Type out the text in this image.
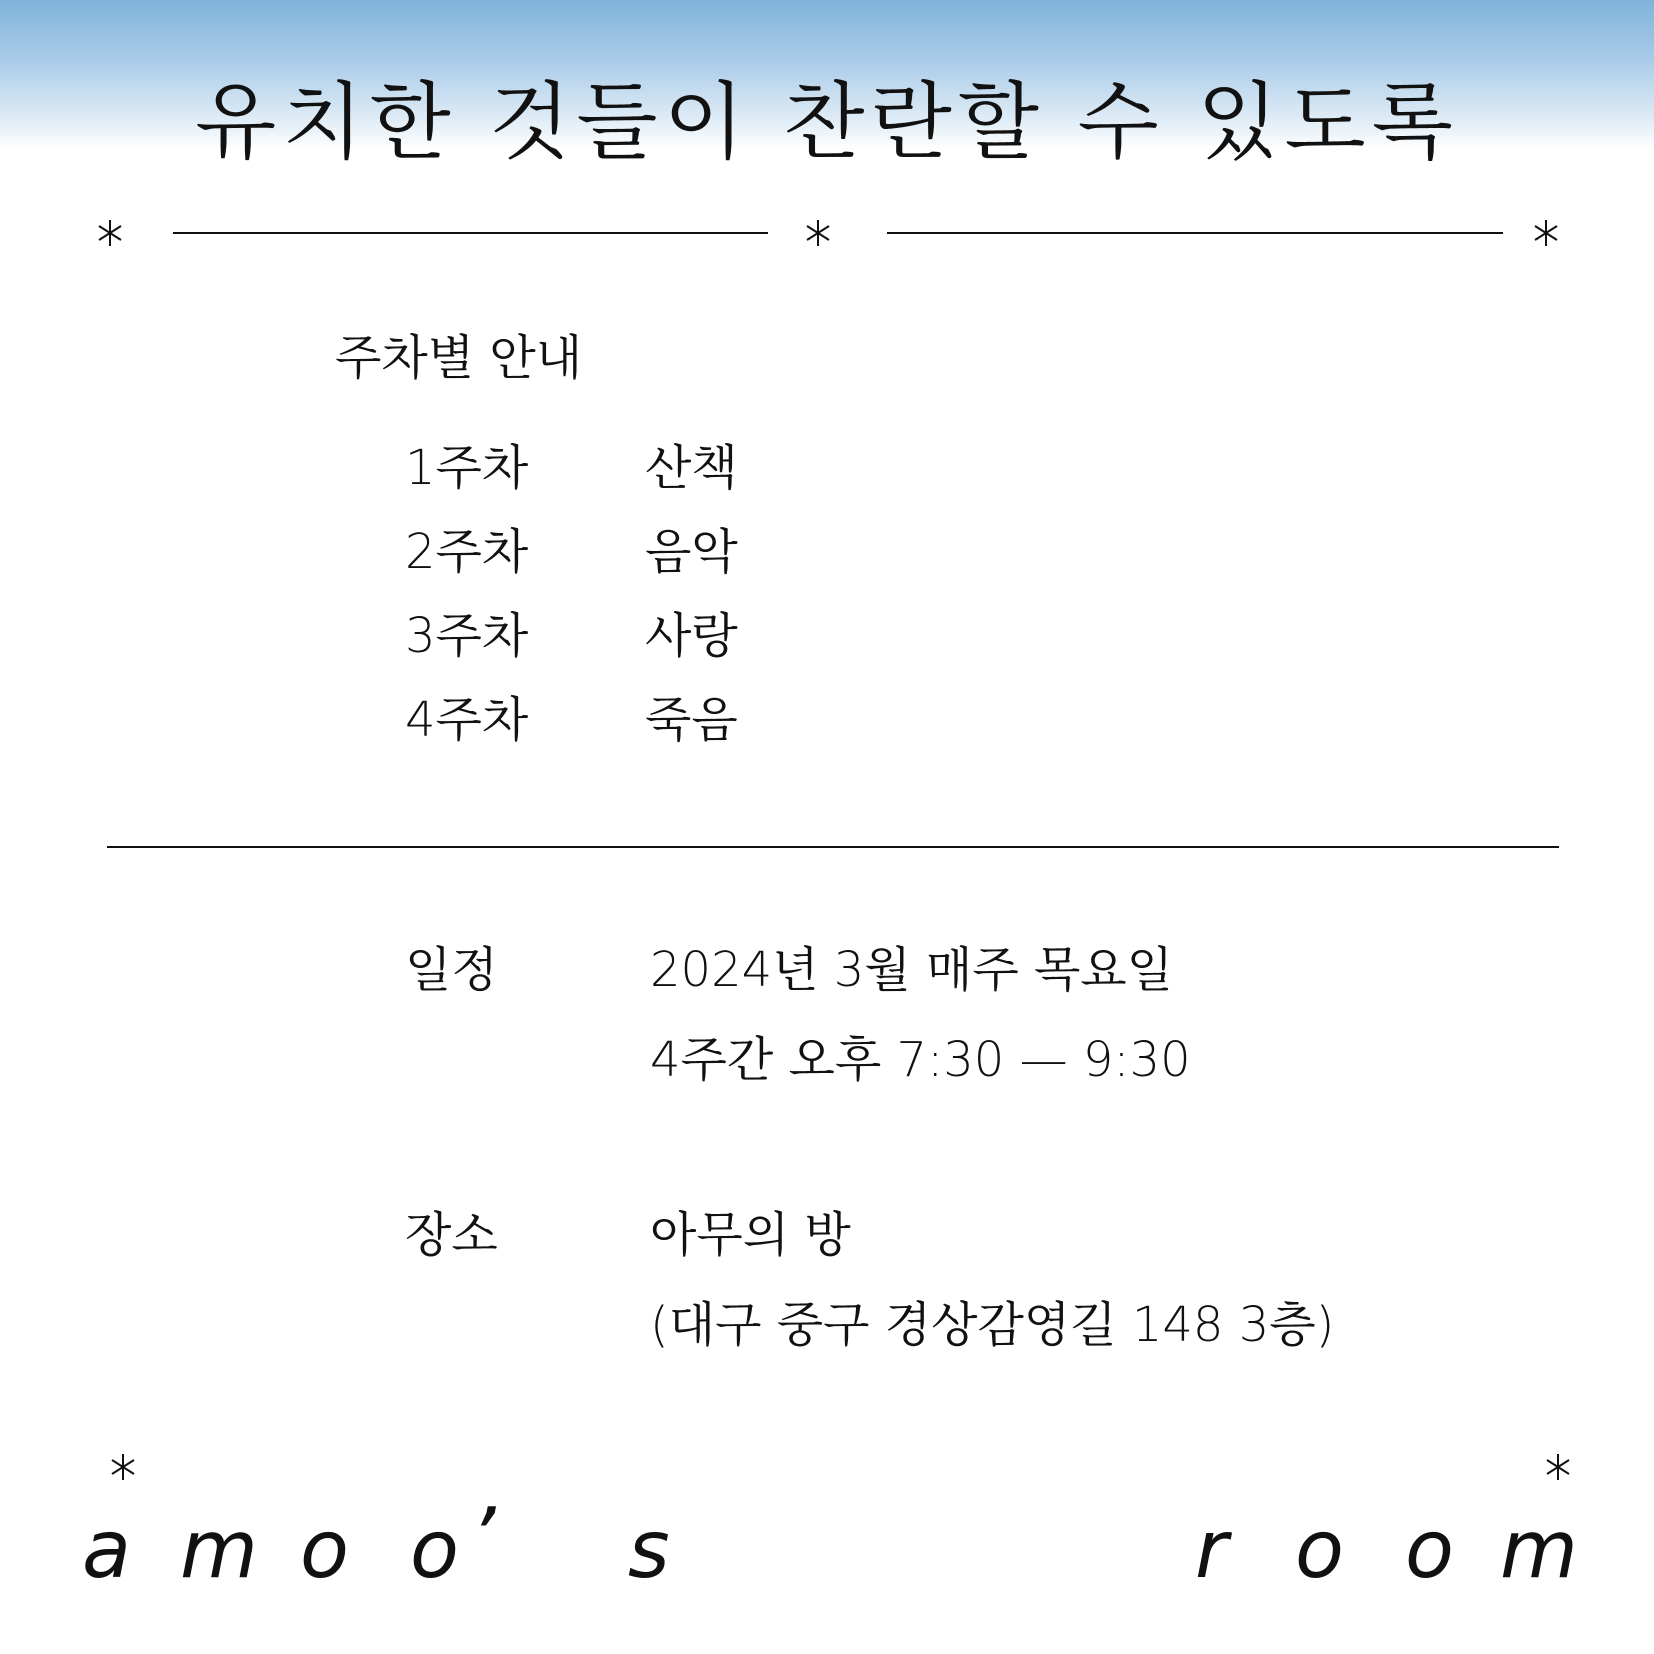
유치한 것들이 찬란할 수 있도록
주차별 안내
1주차 산책
2주차 음악
3주차 사랑
4주차 죽음
일정	2024년 3월 매주 목요일
4주간 오후 7:30 — 9:30
장소	아무의 방
(대구 중구 경상감영길 148 3층)
a m o o ’ s	r o o m
